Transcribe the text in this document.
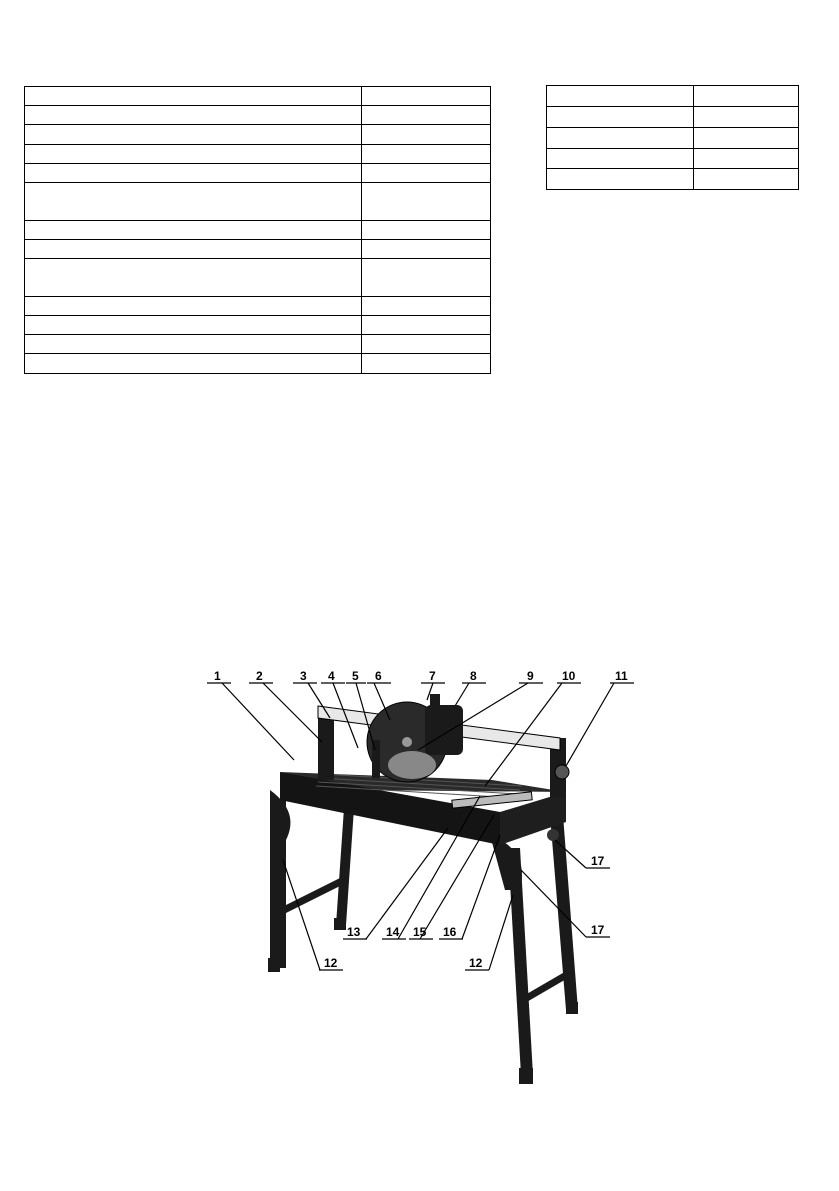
1	2	3 4 5 6	7	8	9 10	11
12
13 14 15 16
17
17
12
